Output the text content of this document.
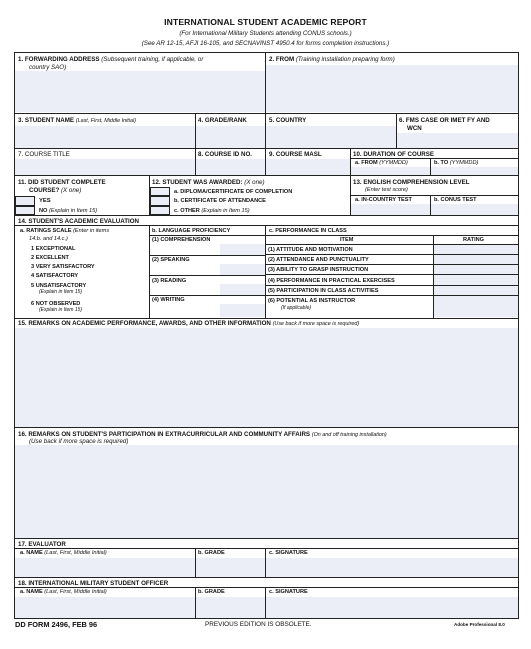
INTERNATIONAL STUDENT ACADEMIC REPORT
(For International Military Students attending CONUS schools.)
(See AR 12-15, AFJI 16-105, and SECNAVINST 4950.4 for forms completion instructions.)
1. FORWARDING ADDRESS (Subsequent training, if applicable, or
country SAO)
2. FROM (Training installation preparing form)
3. STUDENT NAME (Last, First, Middle Initial)	4. GRADE/RANK	5. COUNTRY	6. FMS CASE OR IMET FY AND
WCN
7. COURSE TITLE	8. COURSE ID NO.	9. COURSE MASL	10. DURATION OF COURSE
a. FROM (YYMMDD)	b. TO (YYMMDD)
11. DID STUDENT COMPLETE
COURSE? (X one)
YES
NO (Explain in Item 15)
12. STUDENT WAS AWARDED: (X one)
a. DIPLOMA/CERTIFICATE OF COMPLETION
b. CERTIFICATE OF ATTENDANCE
c. OTHER (Explain in Item 15)
13. ENGLISH COMPREHENSION LEVEL
(Enter test score)
a. IN-COUNTRY TEST	b. CONUS TEST
14. STUDENT'S ACADEMIC EVALUATION
a. RATINGS SCALE (Enter in items
14.b. and 14.c.)
1 EXCEPTIONAL
2 EXCELLENT
3 VERY SATISFACTORY
4 SATISFACTORY
5 UNSATISFACTORY
(Explain in Item 15)
6 NOT OBSERVED
(Explain in Item 15)
b. LANGUAGE PROFICIENCY
(1) COMPREHENSION
(2) SPEAKING
(3) READING
(4) WRITING
c. PERFORMANCE IN CLASS
ITEM	RATING
(1) ATTITUDE AND MOTIVATION
(2) ATTENDANCE AND PUNCTUALITY
(3) ABILITY TO GRASP INSTRUCTION
(4) PERFORMANCE IN PRACTICAL EXERCISES
(5) PARTICIPATION IN CLASS ACTIVITIES
(6) POTENTIAL AS INSTRUCTOR
(If applicable)
15. REMARKS ON ACADEMIC PERFORMANCE, AWARDS, AND OTHER INFORMATION (Use back if more space is required)
16. REMARKS ON STUDENT'S PARTICIPATION IN EXTRACURRICULAR AND COMMUNITY AFFAIRS (On and off training installation)
(Use back if more space is required)
17. EVALUATOR
a. NAME (Last, First, Middle Initial)	b. GRADE	c. SIGNATURE
18. INTERNATIONAL MILITARY STUDENT OFFICER
a. NAME (Last, First, Middle Initial)	b. GRADE	c. SIGNATURE
DD FORM 2496, FEB 96	PREVIOUS EDITION IS OBSOLETE.	Adobe Professional 8.0
